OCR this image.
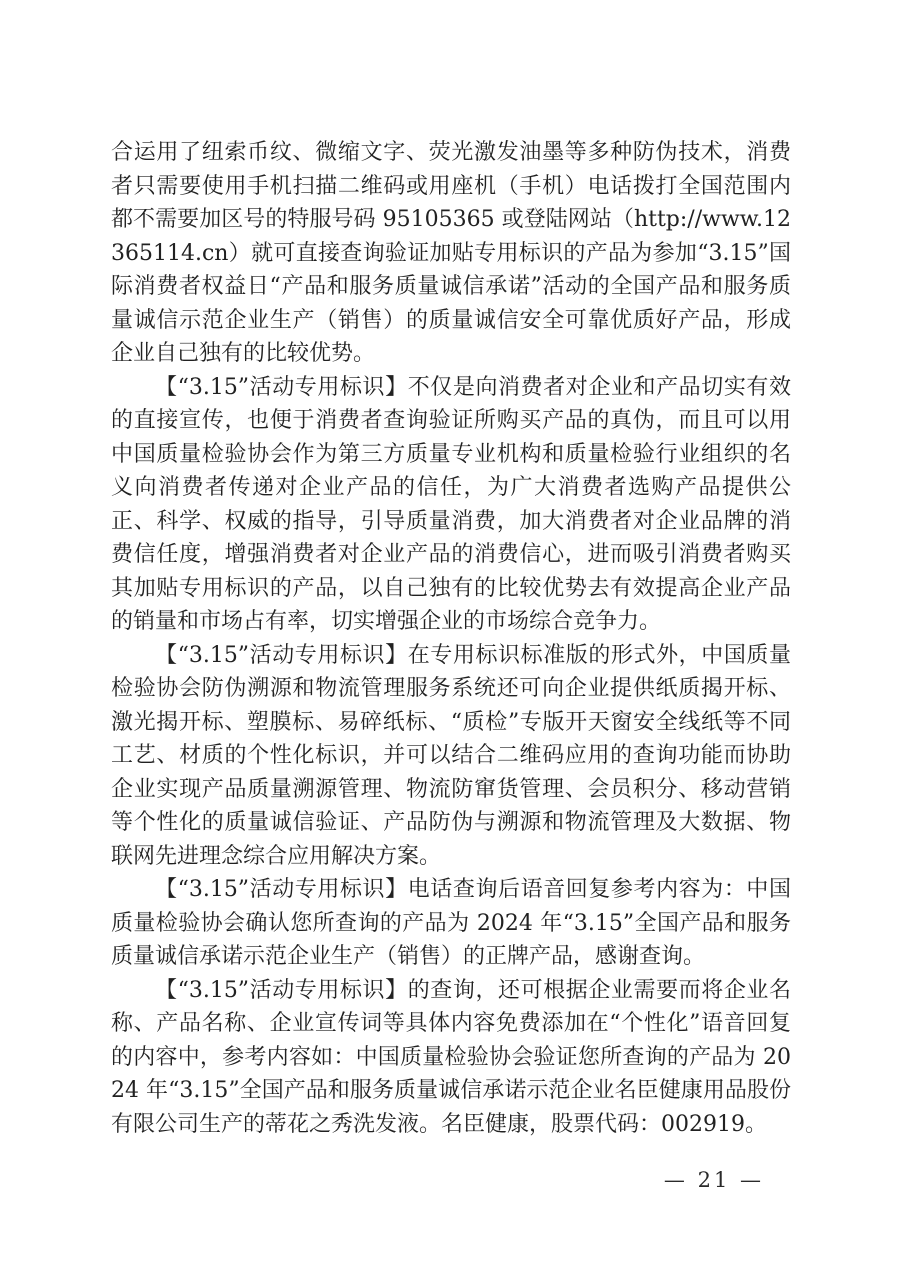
合运用了纽索币纹、微缩文字、荧光激发油墨等多种防伪技术，消费者只需要使用手机扫描二维码或用座机（手机）电话拨打全国范围内都不需要加区号的特服号码 95105365 或登陆网站（http://www.12365114.cn）就可直接查询验证加贴专用标识的产品为参加“3.15”国际消费者权益日“产品和服务质量诚信承诺”活动的全国产品和服务质量诚信示范企业生产（销售）的质量诚信安全可靠优质好产品，形成企业自己独有的比较优势。

【“3.15”活动专用标识】不仅是向消费者对企业和产品切实有效的直接宣传，也便于消费者查询验证所购买产品的真伪，而且可以用中国质量检验协会作为第三方质量专业机构和质量检验行业组织的名义向消费者传递对企业产品的信任，为广大消费者选购产品提供公正、科学、权威的指导，引导质量消费，加大消费者对企业品牌的消费信任度，增强消费者对企业产品的消费信心，进而吸引消费者购买其加贴专用标识的产品，以自己独有的比较优势去有效提高企业产品的销量和市场占有率，切实增强企业的市场综合竞争力。

【“3.15”活动专用标识】在专用标识标准版的形式外，中国质量检验协会防伪溯源和物流管理服务系统还可向企业提供纸质揭开标、激光揭开标、塑膜标、易碎纸标、“质检”专版开天窗安全线纸等不同工艺、材质的个性化标识，并可以结合二维码应用的查询功能而协助企业实现产品质量溯源管理、物流防窜货管理、会员积分、移动营销等个性化的质量诚信验证、产品防伪与溯源和物流管理及大数据、物联网先进理念综合应用解决方案。

【“3.15”活动专用标识】电话查询后语音回复参考内容为：中国质量检验协会确认您所查询的产品为 2024 年“3.15”全国产品和服务质量诚信承诺示范企业生产（销售）的正牌产品，感谢查询。

【“3.15”活动专用标识】的查询，还可根据企业需要而将企业名称、产品名称、企业宣传词等具体内容免费添加在“个性化”语音回复的内容中，参考内容如：中国质量检验协会验证您所查询的产品为 2024 年“3.15”全国产品和服务质量诚信承诺示范企业名臣健康用品股份有限公司生产的蒂花之秀洗发液。名臣健康，股票代码：002919。

— 21 —
